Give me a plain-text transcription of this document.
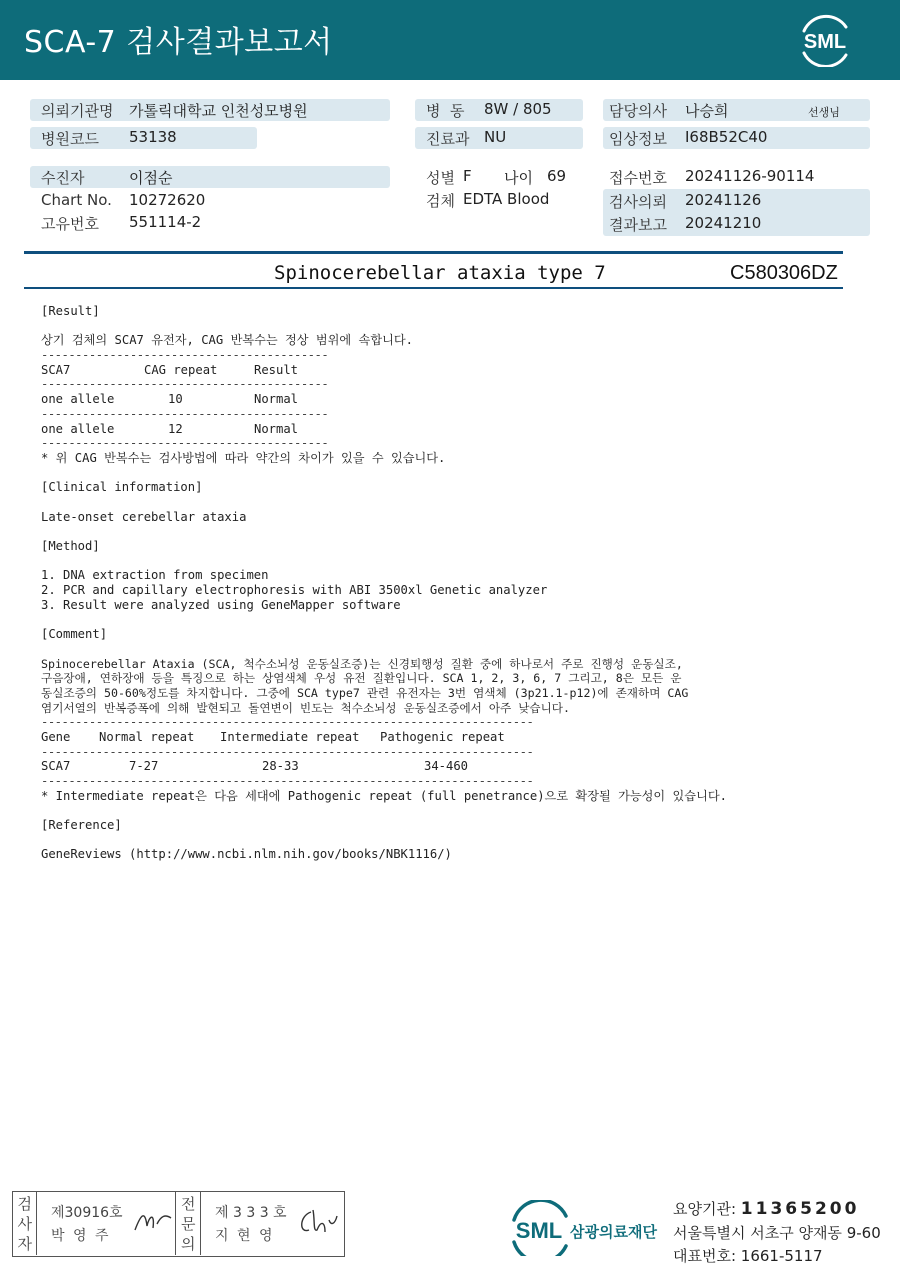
SCA-7 검사결과보고서	SML
의뢰기관명 가톨릭대학교 인천성모병원
병원코드 53138
병  동 8W / 805
진료과 NU
담당의사 나승희	선생님
임상정보 I68B52C40
수진자	이점순
Chart No. 10272620
고유번호 551114-2
성별 F 나이 69
검체 EDTA Blood
접수번호 20241126-90114
검사의뢰 20241126
결과보고 20241210
Spinocerebellar ataxia type 7	C580306DZ
[Result]
상기 검체의 SCA7 유전자, CAG 반복수는 정상 범위에 속합니다.
------------------------------------------
SCA7	CAG repeat	Result
------------------------------------------
one allele	10	Normal
------------------------------------------
one allele	12	Normal
------------------------------------------
* 위 CAG 반복수는 검사방법에 따라 약간의 차이가 있을 수 있습니다.
[Clinical information]
Late-onset cerebellar ataxia
[Method]
1. DNA extraction from specimen
2. PCR and capillary electrophoresis with ABI 3500xl Genetic analyzer
3. Result were analyzed using GeneMapper software
[Comment]
Spinocerebellar Ataxia (SCA, 척수소뇌성 운동실조증)는 신경퇴행성 질환 중에 하나로서 주로 진행성 운동실조,
구음장애, 연하장애 등을 특징으로 하는 상염색체 우성 유전 질환입니다. SCA 1, 2, 3, 6, 7 그리고, 8은 모든 운
동실조증의 50-60%정도를 차지합니다. 그중에 SCA type7 관련 유전자는 3번 염색체 (3p21.1-p12)에 존재하며 CAG
염기서열의 반복증폭에 의해 발현되고 돌연변이 빈도는 척수소뇌성 운동실조증에서 아주 낮습니다.
------------------------------------------------------------------------
Gene	Normal repeat	Intermediate repeat	Pathogenic repeat
------------------------------------------------------------------------
SCA7	7-27	28-33	34-460
------------------------------------------------------------------------
* Intermediate repeat은 다음 세대에 Pathogenic repeat (full penetrance)으로 확장될 가능성이 있습니다.
[Reference]
GeneReviews (http://www.ncbi.nlm.nih.gov/books/NBK1116/)
검사자
제30916호
박 영 주
전문의
제 3 3 3 호
지 현 영	SML 삼광의료재단
요양기관: 11365200
서울특별시 서초구 양재동 9-60
대표번호: 1661-5117
